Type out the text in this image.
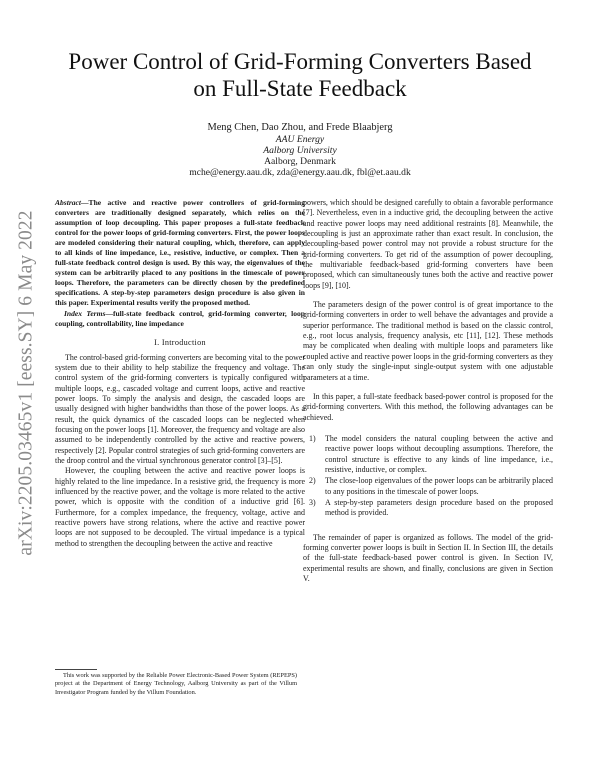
arXiv:2205.03465v1 [eess.SY] 6 May 2022
Power Control of Grid-Forming Converters Based
on Full-State Feedback
Meng Chen, Dao Zhou, and Frede Blaabjerg
AAU Energy
Aalborg University
Aalborg, Denmark
mche@energy.aau.dk, zda@energy.aau.dk, fbl@et.aau.dk

Abstract—The active and reactive power controllers of grid-forming converters are traditionally designed separately, which relies on the assumption of loop decoupling. This paper proposes a full-state feedback control for the power loops of grid-forming converters. First, the power loops are modeled considering their natural coupling, which, therefore, can apply to all kinds of line impedance, i.e., resistive, inductive, or complex. Then a full-state feedback control design is used. By this way, the eigenvalues of the system can be arbitrarily placed to any positions in the timescale of power loops. Therefore, the parameters can be directly chosen by the predefined specifications. A step-by-step parameters design procedure is also given in this paper. Experimental results verify the proposed method.

Index Terms—full-state feedback control, grid-forming converter, loop coupling, controllability, line impedance

I. Introduction

The control-based grid-forming converters are becoming vital to the power system due to their ability to help stabilize the frequency and voltage. The control system of the grid-forming converters is typically configured with multiple loops, e.g., cascaded voltage and current loops, active and reactive power loops. To simply the analysis and design, the cascaded loops are usually designed with higher bandwidths than those of the power loops. As a result, the quick dynamics of the cascaded loops can be neglected when focusing on the power loops [1]. Moreover, the frequency and voltage are also assumed to be independently controlled by the active and reactive powers, respectively [2]. Popular control strategies of such grid-forming converters are the droop control and the virtual synchronous generator control [3]–[5].

However, the coupling between the active and reactive power loops is highly related to the line impedance. In a resistive grid, the frequency is more influenced by the reactive power, and the voltage is more related to the active power, which is opposite with the condition of a inductive grid [6]. Furthermore, for a complex impedance, the frequency, voltage, active and reactive powers have strong relations, where the active and reactive power loops are not supposed to be decoupled. The virtual impedance is a typical method to strengthen the decoupling between the active and reactive

This work was supported by the Reliable Power Electronic-Based Power System (REPEPS) project at the Department of Energy Technology, Aalborg University as part of the Villum Investigator Program funded by the Villum Foundation.

powers, which should be designed carefully to obtain a favorable performance [7]. Nevertheless, even in a inductive grid, the decoupling between the active and reactive power loops may need additional restraints [8]. Meanwhile, the decoupling is just an approximate rather than exact result. In conclusion, the decoupling-based power control may not provide a robust structure for the grid-forming converters. To get rid of the assumption of power decoupling, the multivariable feedback-based grid-forming converters have been proposed, which can simultaneously tunes both the active and reactive power loops [9], [10].

The parameters design of the power control is of great importance to the grid-forming converters in order to well behave the advantages and provide a superior performance. The traditional method is based on the classic control, e.g., root locus analysis, frequency analysis, etc [11], [12]. These methods may be complicated when dealing with multiple loops and parameters like coupled active and reactive power loops in the grid-forming converters as they can only study the single-input single-output system with one adjustable parameters at a time.

In this paper, a full-state feedback based-power control is proposed for the grid-forming converters. With this method, the following advantages can be achieved.

1) The model considers the natural coupling between the active and reactive power loops without decoupling assumptions. Therefore, the control structure is effective to any kinds of line impedance, i.e., resistive, inductive, or complex.
2) The close-loop eigenvalues of the power loops can be arbitrarily placed to any positions in the timescale of power loops.
3) A step-by-step parameters design procedure based on the proposed method is provided.

The remainder of paper is organized as follows. The model of the grid-forming converter power loops is built in Section II. In Section III, the details of the full-state feedback-based power control is given. In Section IV, experimental results are shown, and finally, conclusions are given in Section V.
